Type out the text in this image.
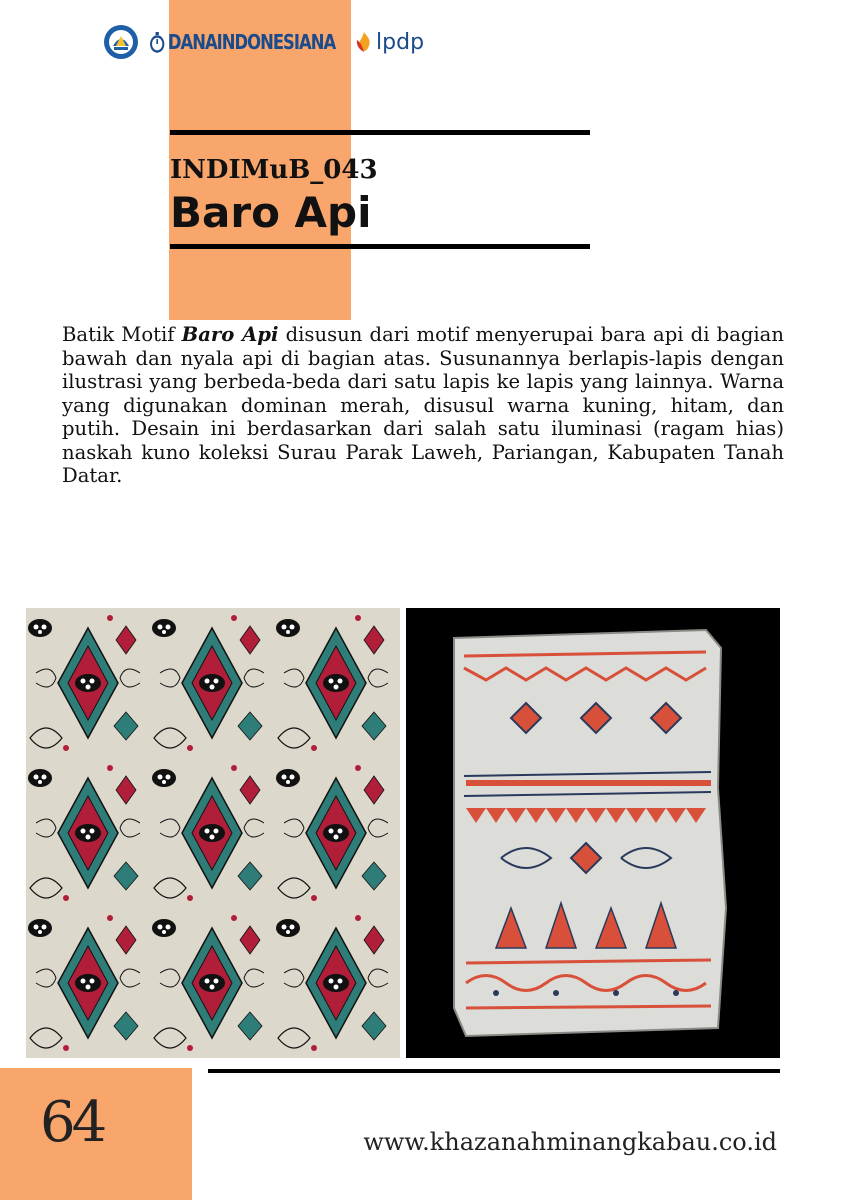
DANAINDONESIANA lpdp
INDIMuB_043
Baro Api

Batik Motif Baro Api disusun dari motif menyerupai bara api di bagian bawah dan nyala api di bagian atas. Susunannya berlapis-lapis dengan ilustrasi yang berbeda-beda dari satu lapis ke lapis yang lainnya. Warna yang digunakan dominan merah, disusul warna kuning, hitam, dan putih. Desain ini berdasarkan dari salah satu iluminasi (ragam hias) naskah kuno koleksi Surau Parak Laweh, Pariangan, Kabupaten Tanah Datar.

64	www.khazanahminangkabau.co.id
